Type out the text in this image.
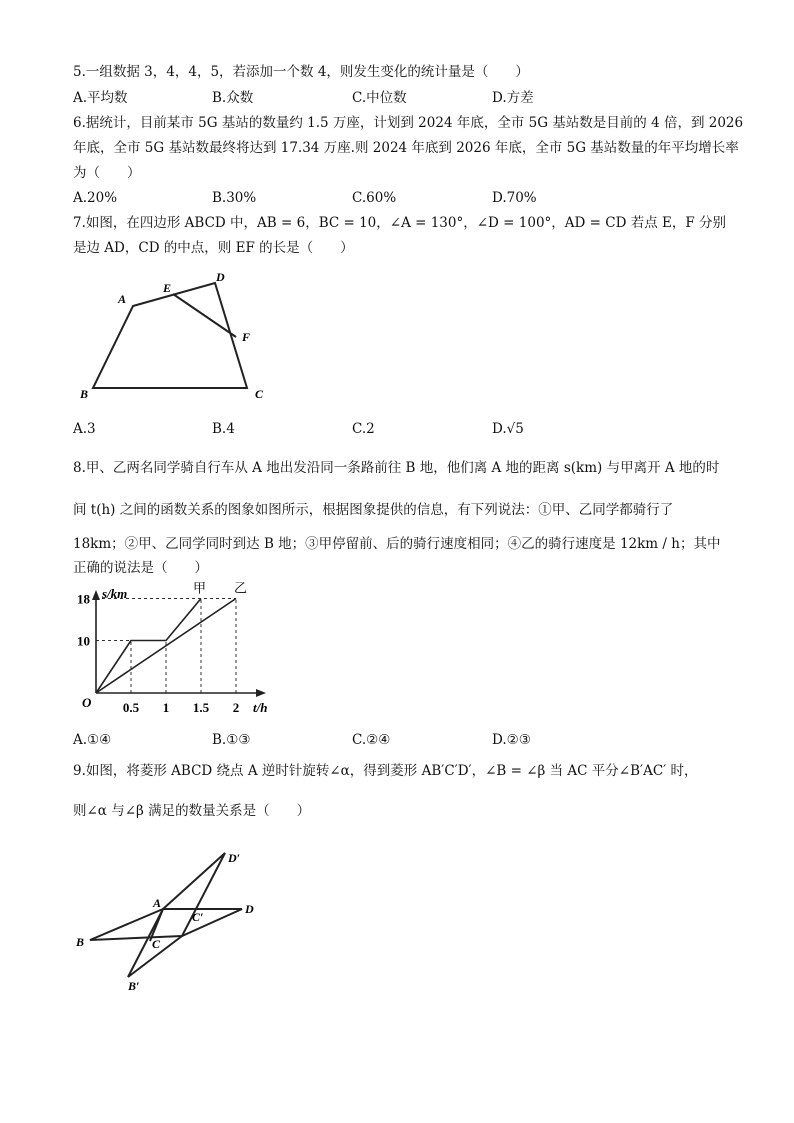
5.一组数据 3，4，4，5，若添加一个数 4，则发生变化的统计量是（　　）
A.平均数	B.众数	C.中位数	D.方差
6.据统计，目前某市 5G 基站的数量约 1.5 万座，计划到 2024 年底，全市 5G 基站数是目前的 4 倍，到 2026
年底，全市 5G 基站数最终将达到 17.34 万座.则 2024 年底到 2026 年底，全市 5G 基站数量的年平均增长率
为（　　）
A.20%	B.30%	C.60%	D.70%
7.如图，在四边形 ABCD 中，AB = 6，BC = 10，∠A = 130°，∠D = 100°，AD = CD 若点 E，F 分别
是边 AD，CD 的中点，则 EF 的长是（　　）
A
B	C
D
E
F
A.3	B.4	C.2	D.√5
8.甲、乙两名同学骑自行车从 A 地出发沿同一条路前往 B 地，他们离 A 地的距离 s(km) 与甲离开 A 地的时
间 t(h) 之间的函数关系的图象如图所示，根据图象提供的信息，有下列说法：①甲、乙同学都骑行了
18km；②甲、乙同学同时到达 B 地；③甲停留前、后的骑行速度相同；④乙的骑行速度是 12km / h；其中
正确的说法是（　　）
甲 乙
0.5 1 1.5 2
10
18
O	t/h
s/km
A.①④	B.①③	C.②④	D.②③
9.如图，将菱形 ABCD 绕点 A 逆时针旋转∠α，得到菱形 AB′C′D′，∠B = ∠β 当 AC 平分∠B′AC′ 时，
则∠α 与∠β 满足的数量关系是（　　）
A
B	C
D
B′
C′
D′
